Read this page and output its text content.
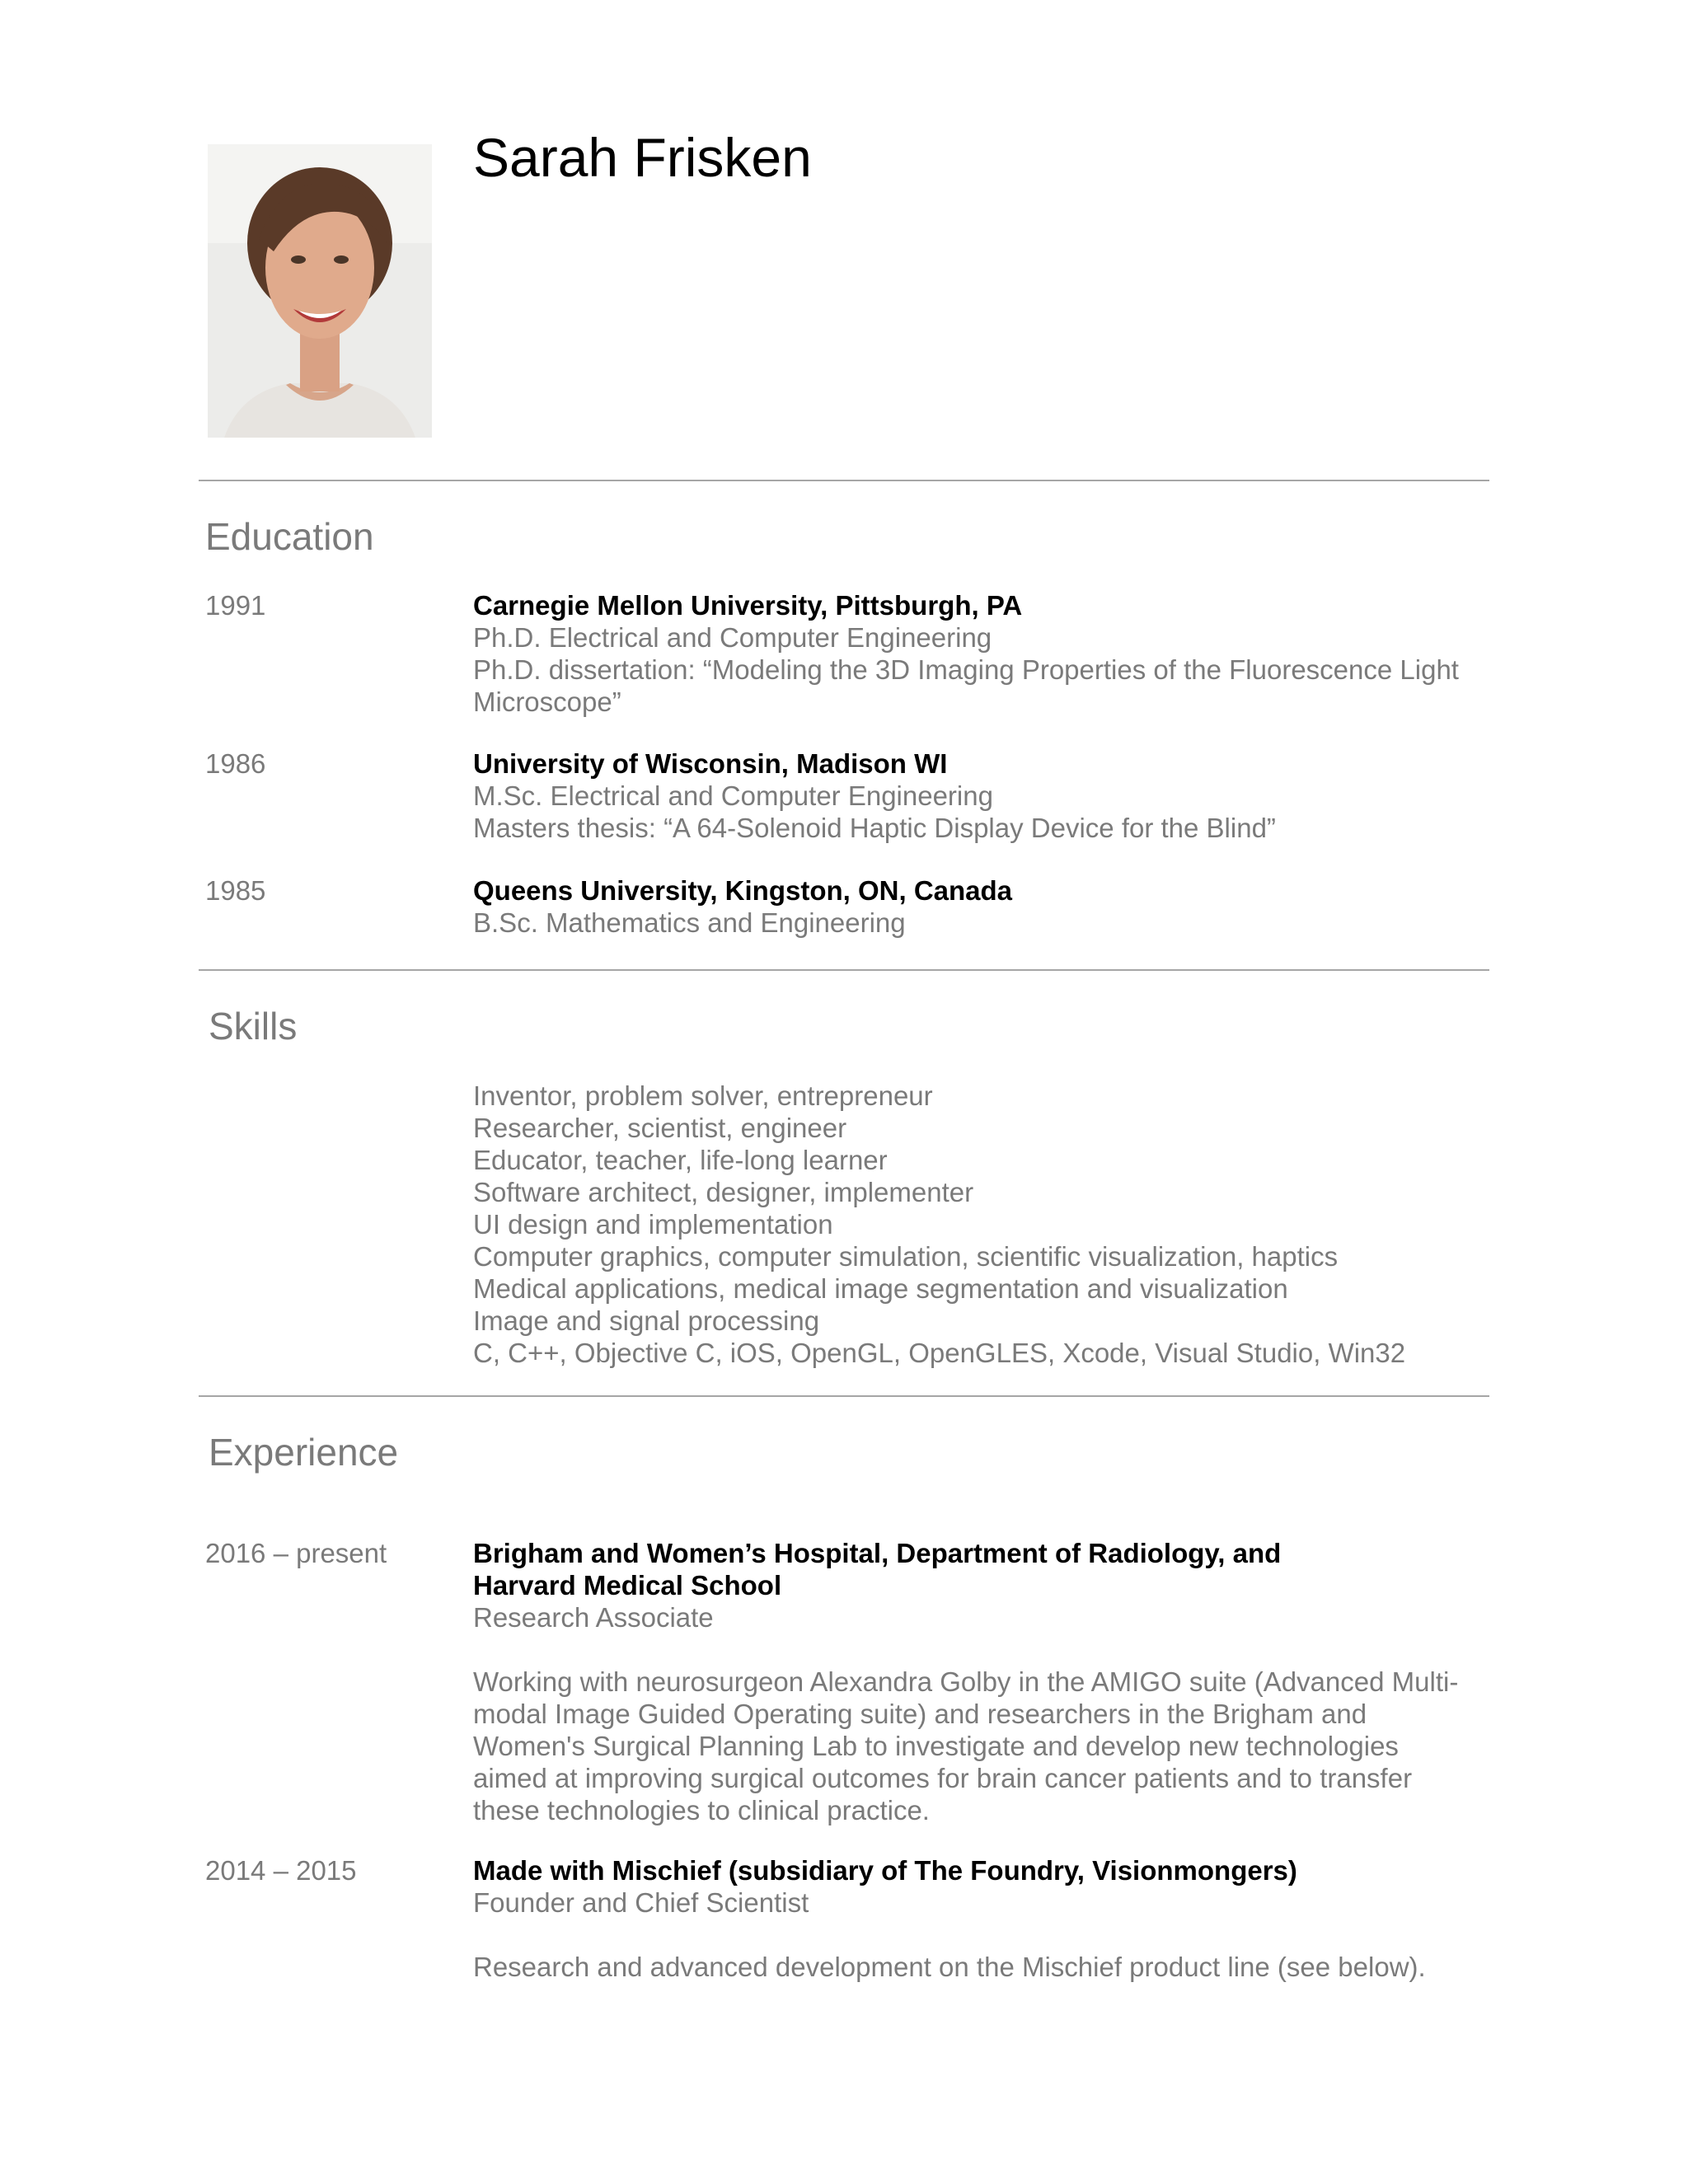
Sarah Frisken
Education
1991	Carnegie Mellon University, Pittsburgh, PA
Ph.D. Electrical and Computer Engineering
Ph.D. dissertation: “Modeling the 3D Imaging Properties of the Fluorescence Light Microscope”
1986	University of Wisconsin, Madison WI
M.Sc. Electrical and Computer Engineering
Masters thesis: “A 64-Solenoid Haptic Display Device for the Blind”
1985	Queens University, Kingston, ON, Canada
B.Sc. Mathematics and Engineering
Skills
Inventor, problem solver, entrepreneur
Researcher, scientist, engineer
Educator, teacher, life-long learner
Software architect, designer, implementer
UI design and implementation
Computer graphics, computer simulation, scientific visualization, haptics
Medical applications, medical image segmentation and visualization
Image and signal processing
C, C++, Objective C, iOS, OpenGL, OpenGLES, Xcode, Visual Studio, Win32
Experience
2016 – present	Brigham and Women’s Hospital, Department of Radiology, and
Harvard Medical School
Research Associate
Working with neurosurgeon Alexandra Golby in the AMIGO suite (Advanced Multi-modal Image Guided Operating suite) and researchers in the Brigham and Women's Surgical Planning Lab to investigate and develop new technologies aimed at improving surgical outcomes for brain cancer patients and to transfer these technologies to clinical practice.
2014 – 2015	Made with Mischief (subsidiary of The Foundry, Visionmongers)
Founder and Chief Scientist
Research and advanced development on the Mischief product line (see below).
